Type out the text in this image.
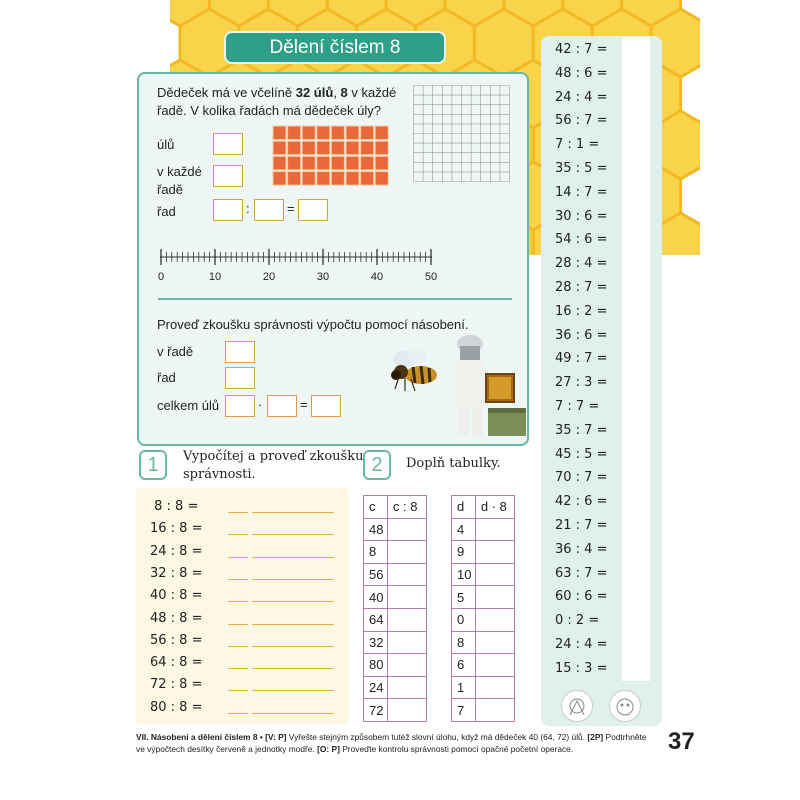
Dělení číslem 8
Dědeček má ve včelíně 32 úlů, 8 v každé
řadě. V kolika řadách má dědeček úly?
úlů
v každé
řadě
řad	:	=
0	10	20	30	40	50
Proveď zkoušku správnosti výpočtu pomocí násobení.
v řadě
řad
celkem úlů	·	=
1	Vypočítej a proveď zkoušku
správnosti.	2	Doplň tabulky.
8 : 8 =
16 : 8 =
24 : 8 =
32 : 8 =
40 : 8 =
48 : 8 =
56 : 8 =
64 : 8 =
72 : 8 =
80 : 8 =
c	c : 8
48	
8	
56	
40	
64	
32	
80	
24	
72	
d	d · 8
4	
9	
10	
5	
0	
8	
6	
1	
7	
42 : 7 =
48 : 6 =
24 : 4 =
56 : 7 =
7 : 1 =
35 : 5 =
14 : 7 =
30 : 6 =
54 : 6 =
28 : 4 =
28 : 7 =
16 : 2 =
36 : 6 =
49 : 7 =
27 : 3 =
7 : 7 =
35 : 7 =
45 : 5 =
70 : 7 =
42 : 6 =
21 : 7 =
36 : 4 =
63 : 7 =
60 : 6 =
0 : 2 =
24 : 4 =
15 : 3 =
VII. Násobení a dělení číslem 8 • [V: P] Vyřešte stejným způsobem tutéž slovní úlohu, když má dědeček 40 (64, 72) úlů. [2P] Podtrhněte ve výpočtech desítky červeně a jednotky modře. [O: P] Proveďte kontrolu správnosti pomocí opačné početní operace.	37
